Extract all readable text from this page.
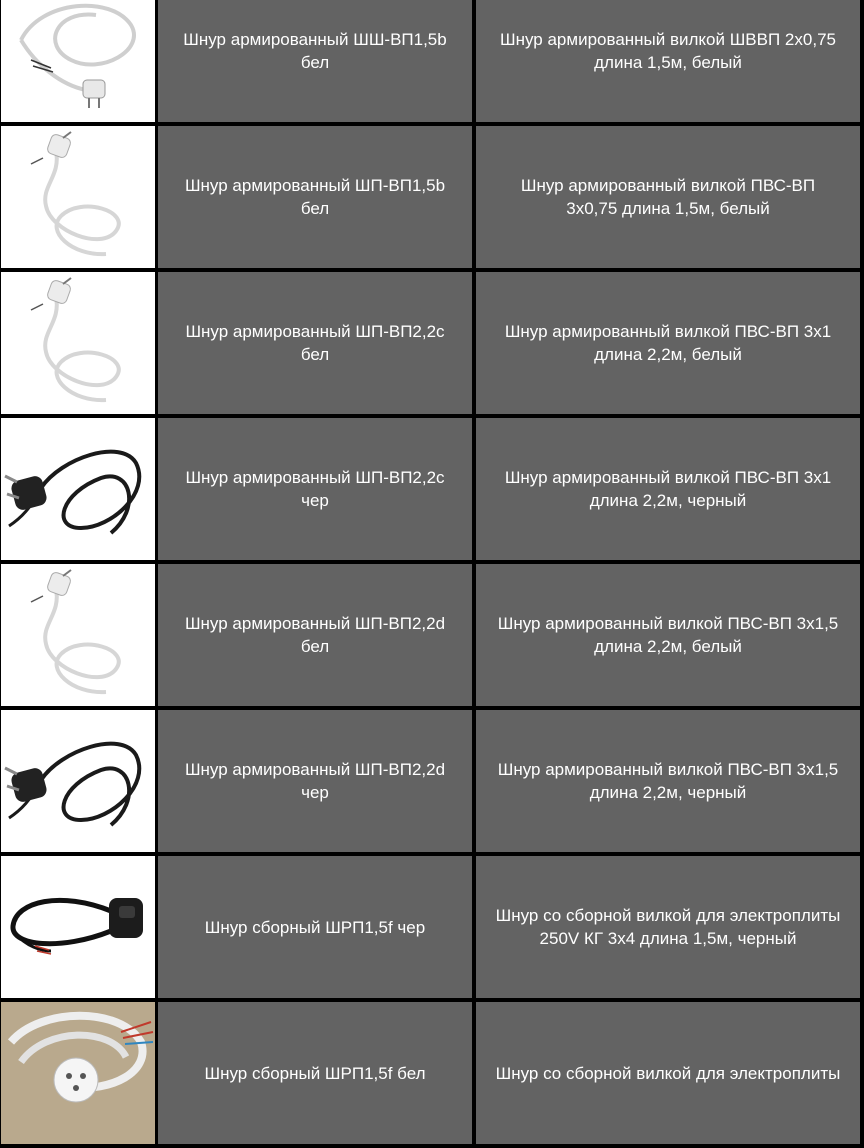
Шнур армированный ШШ-ВП1,5b
бел
Шнур армированный вилкой ШВВП 2х0,75
длина 1,5м, белый
Шнур армированный ШП-ВП1,5b
бел
Шнур армированный вилкой ПВС-ВП
3х0,75 длина 1,5м, белый
Шнур армированный ШП-ВП2,2c
бел
Шнур армированный вилкой ПВС-ВП 3х1
длина 2,2м, белый
Шнур армированный ШП-ВП2,2c
чер
Шнур армированный вилкой ПВС-ВП 3х1
длина 2,2м, черный
Шнур армированный ШП-ВП2,2d
бел
Шнур армированный вилкой ПВС-ВП 3х1,5
длина 2,2м, белый
Шнур армированный ШП-ВП2,2d
чер
Шнур армированный вилкой ПВС-ВП 3х1,5
длина 2,2м, черный
Шнур сборный ШРП1,5f чер
Шнур со сборной вилкой для электроплиты
250V КГ 3х4 длина 1,5м, черный
Шнур сборный ШРП1,5f бел	Шнур со сборной вилкой для электроплиты
